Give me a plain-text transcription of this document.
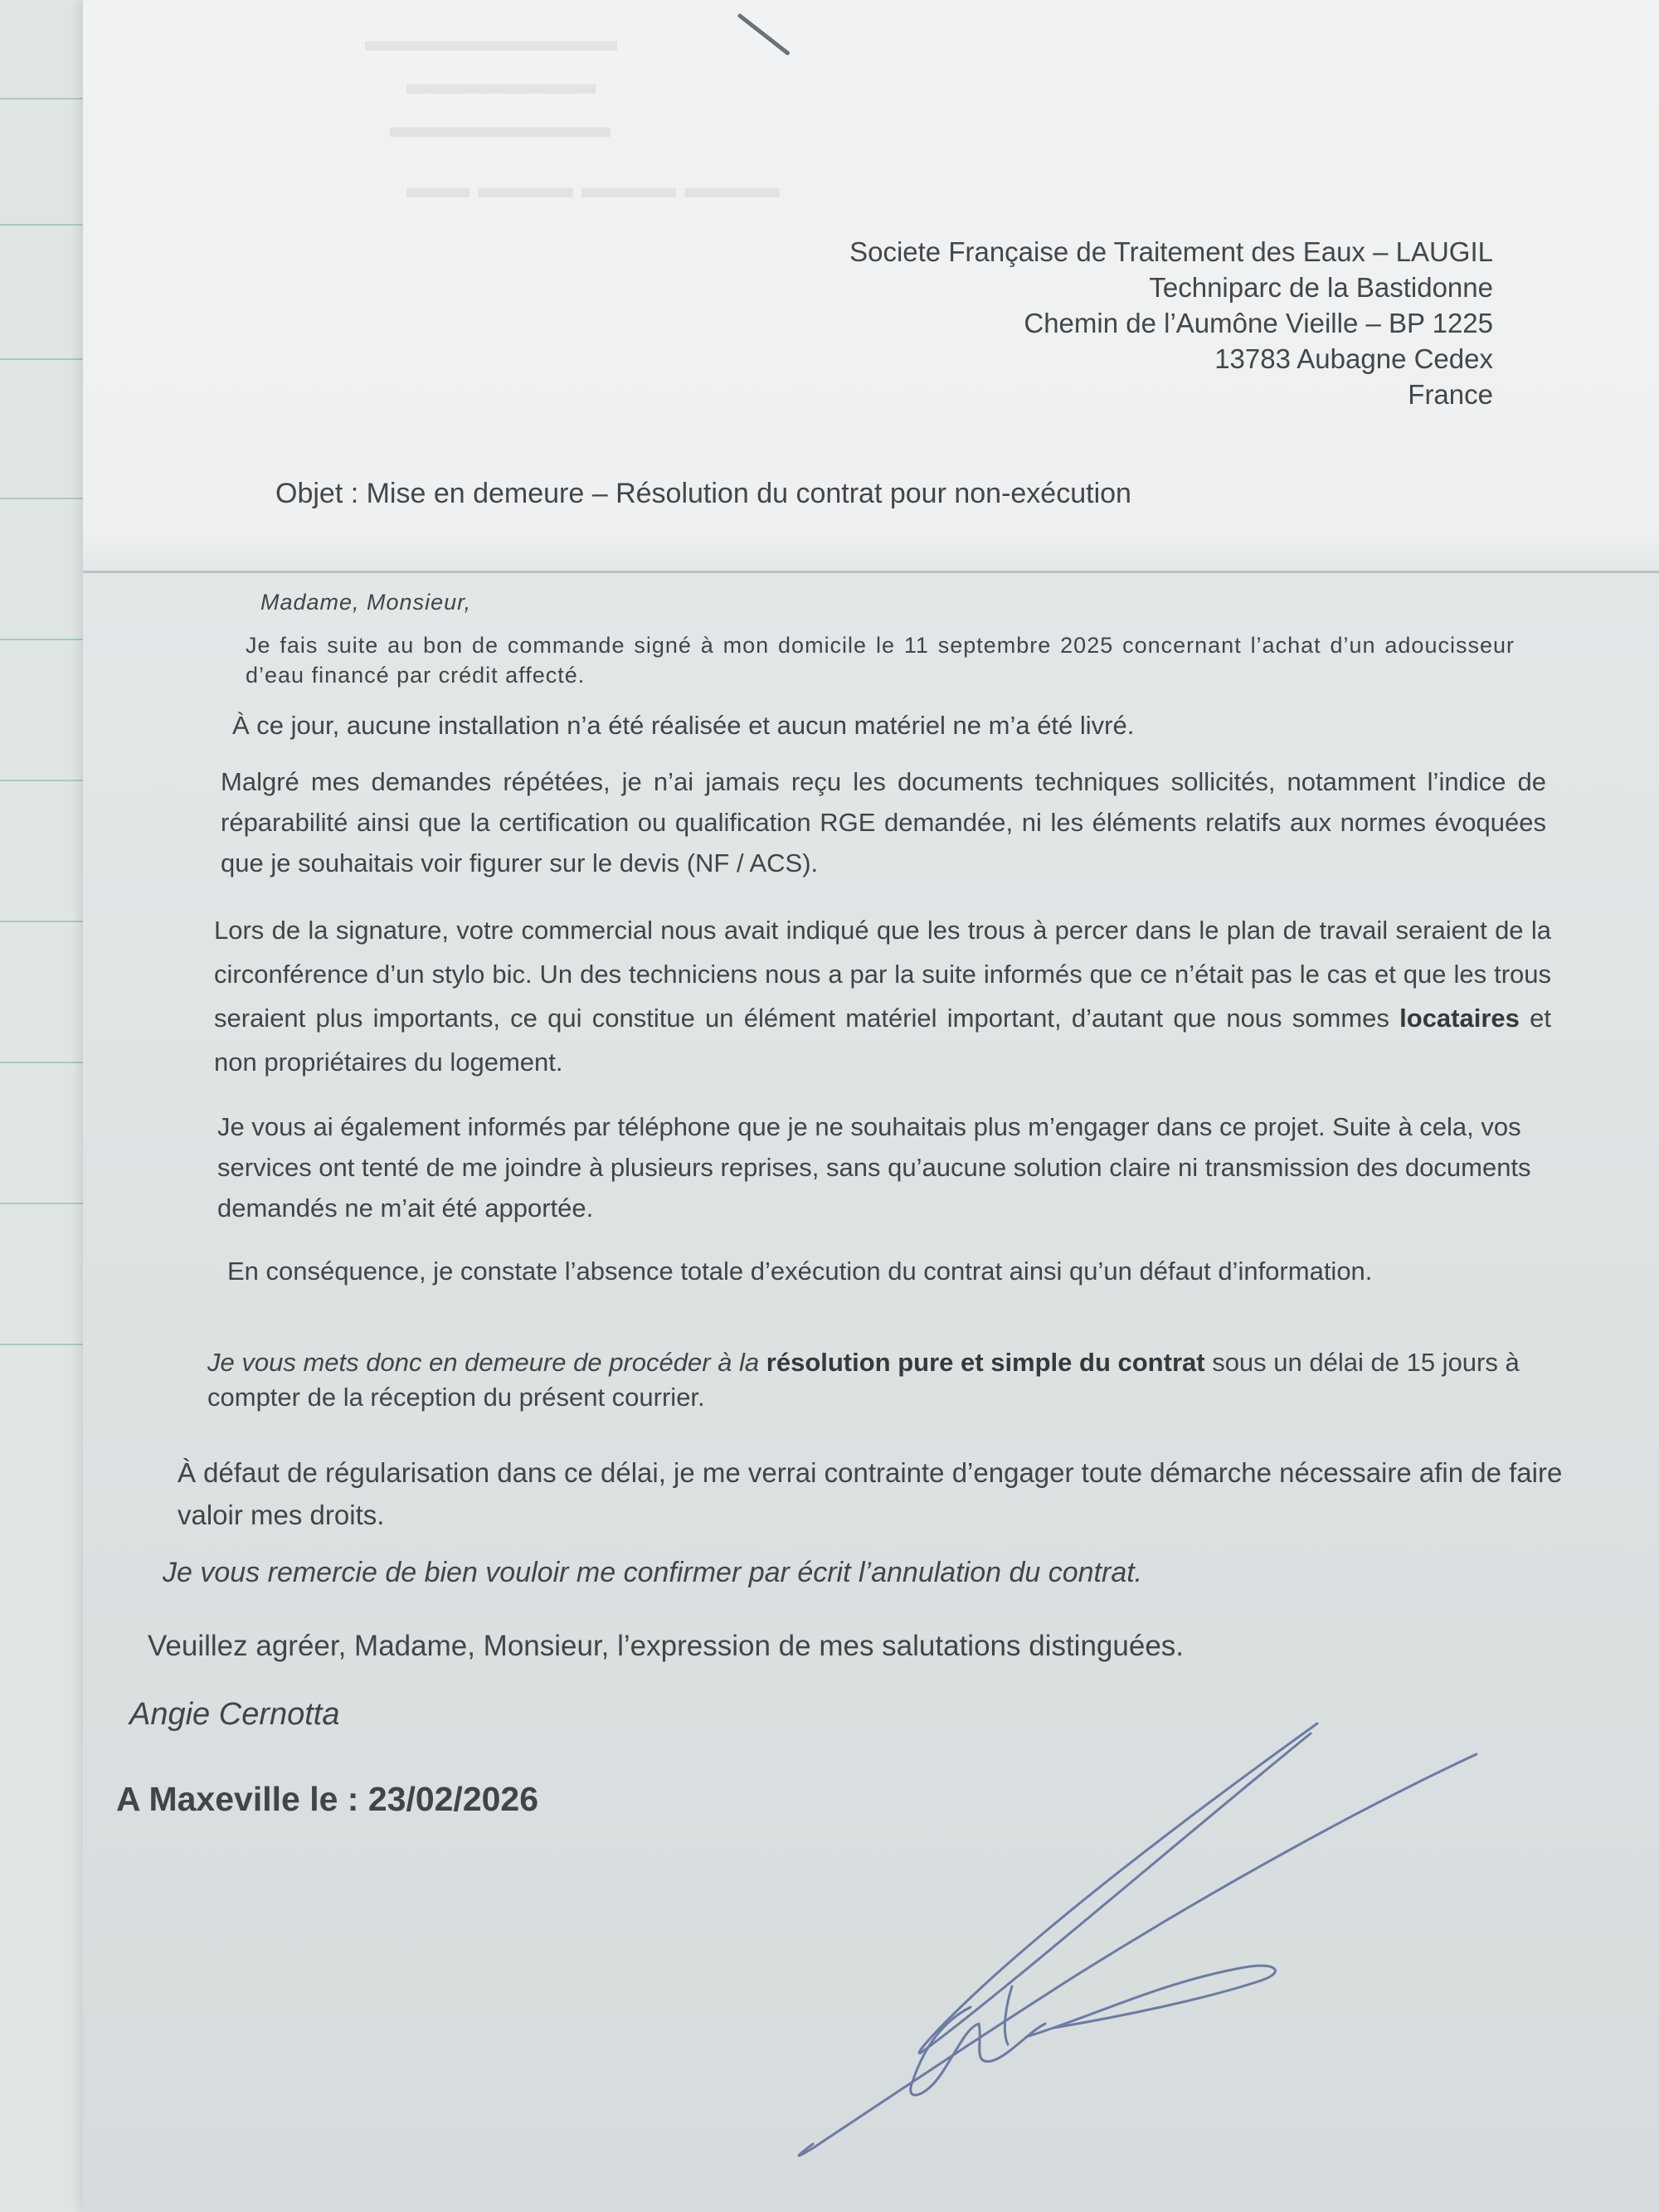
▬▬▬▬▬▬▬▬
▬▬▬▬▬▬
▬▬▬▬▬▬▬
▬▬ ▬▬▬ ▬▬▬ ▬▬▬
Societe Française de Traitement des Eaux – LAUGIL
Techniparc de la Bastidonne
Chemin de l’Aumône Vieille – BP 1225
13783 Aubagne Cedex
France
Objet : Mise en demeure – Résolution du contrat pour non-exécution
Madame, Monsieur,
Je fais suite au bon de commande signé à mon domicile le 11 septembre 2025 concernant l’achat d’un adoucisseur d’eau financé par crédit affecté.
À ce jour, aucune installation n’a été réalisée et aucun matériel ne m’a été livré.
Malgré mes demandes répétées, je n’ai jamais reçu les documents techniques sollicités, notamment l’indice de réparabilité ainsi que la certification ou qualification RGE demandée, ni les éléments relatifs aux normes évoquées que je souhaitais voir figurer sur le devis (NF / ACS).
Lors de la signature, votre commercial nous avait indiqué que les trous à percer dans le plan de travail seraient de la circonférence d’un stylo bic. Un des techniciens nous a par la suite informés que ce n’était pas le cas et que les trous seraient plus importants, ce qui constitue un élément matériel important, d’autant que nous sommes locataires et non propriétaires du logement.
Je vous ai également informés par téléphone que je ne souhaitais plus m’engager dans ce projet. Suite à cela, vos services ont tenté de me joindre à plusieurs reprises, sans qu’aucune solution claire ni transmission des documents demandés ne m’ait été apportée.
En conséquence, je constate l’absence totale d’exécution du contrat ainsi qu’un défaut d’information.
Je vous mets donc en demeure de procéder à la résolution pure et simple du contrat sous un délai de 15 jours à compter de la réception du présent courrier.
À défaut de régularisation dans ce délai, je me verrai contrainte d’engager toute démarche nécessaire afin de faire valoir mes droits.
Je vous remercie de bien vouloir me confirmer par écrit l’annulation du contrat.
Veuillez agréer, Madame, Monsieur, l’expression de mes salutations distinguées.
Angie Cernotta
A Maxeville le : 23/02/2026
